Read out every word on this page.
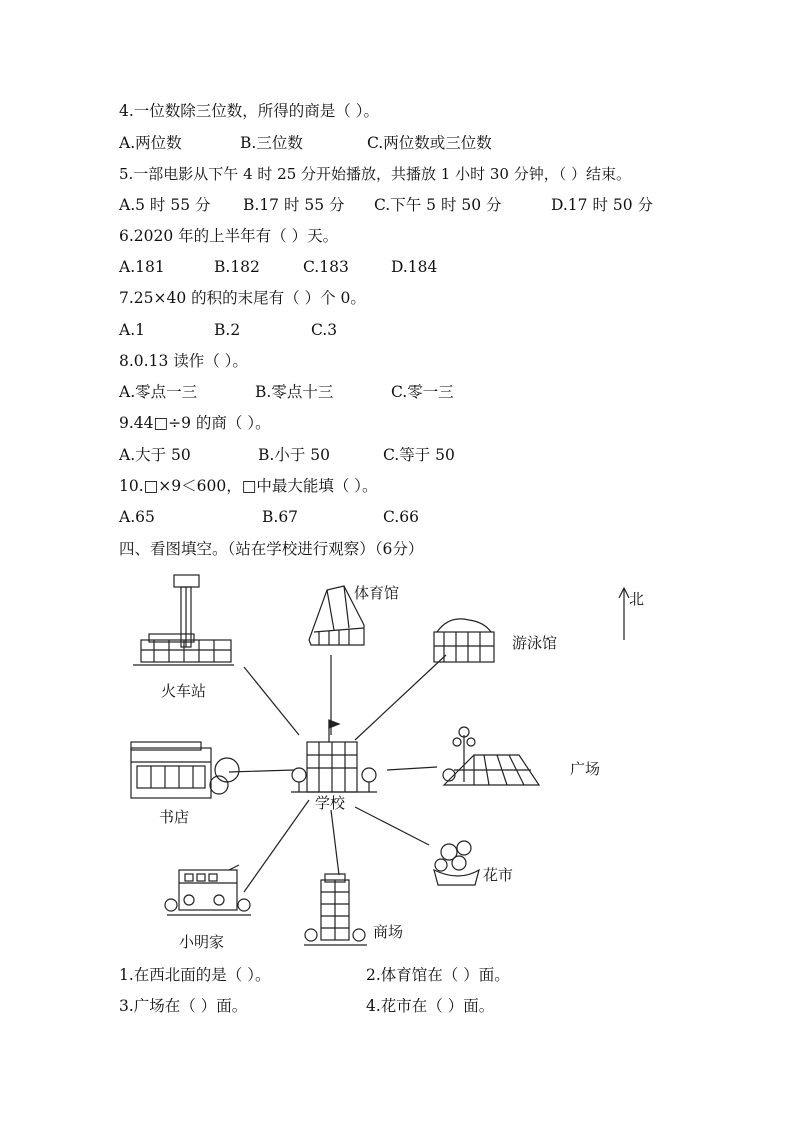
4.一位数除三位数，所得的商是（ ）。
A.两位数	B.三位数	C.两位数或三位数
5.一部电影从下午 4 时 25 分开始播放，共播放 1 小时 30 分钟，（ ）结束。
A.5 时 55 分 B.17 时 55 分 C.下午 5 时 50 分	D.17 时 50 分
6.2020 年的上半年有（ ）天。
A.181	B.182	C.183	D.184
7.25×40 的积的末尾有（ ）个 0。
A.1	B.2	C.3
8.0.13 读作（ ）。
A.零点一三	B.零点十三	C.零一三
9.44□÷9 的商（ ）。
A.大于 50	B.小于 50	C.等于 50
10.□×9＜600，□中最大能填（ ）。
A.65	B.67	C.66
四、看图填空。（站在学校进行观察）（6分）
体育馆	北
游泳馆
火车站
广场
学校
书店
花市
商场
小明家
1.在西北面的是（ ）。	2.体育馆在（ ）面。
3.广场在（ ）面。	4.花市在（ ）面。
